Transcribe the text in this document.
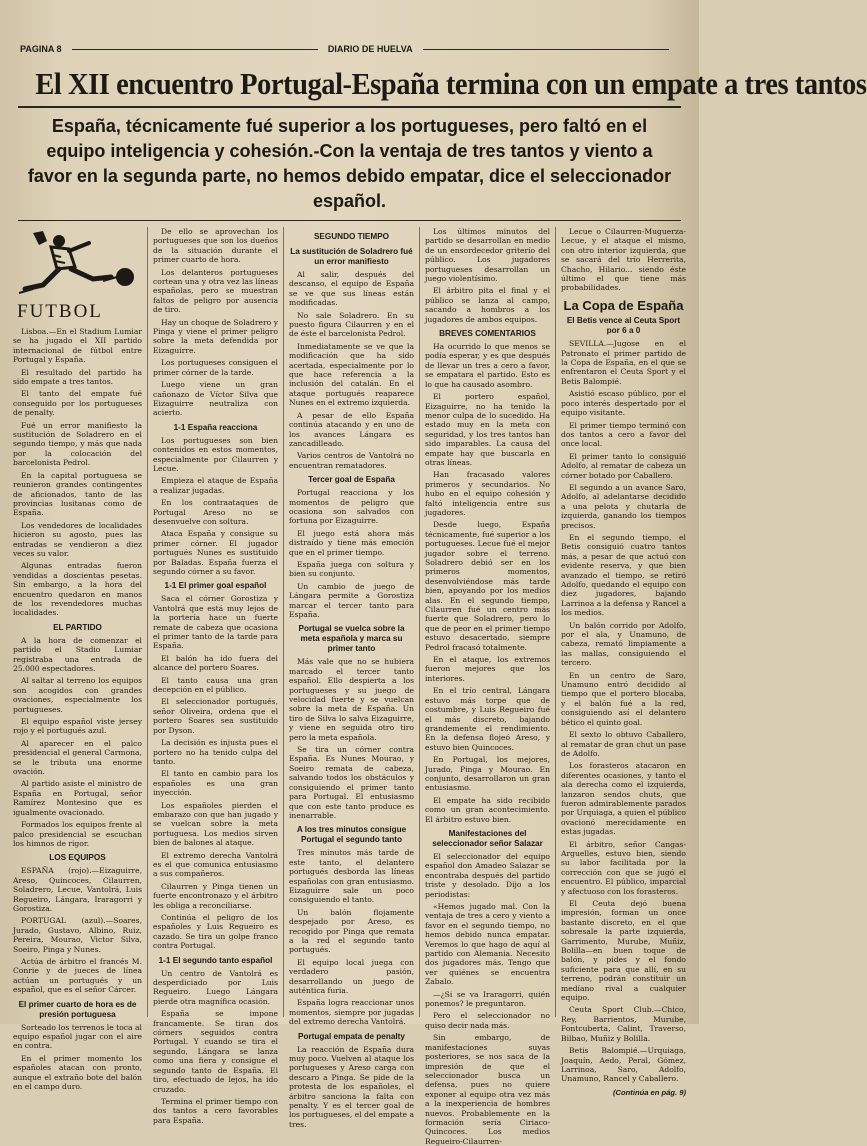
PAGINA 8	DIARIO DE HUELVA
El XII encuentro Portugal-España termina con un empate a tres tantos
España, técnicamente fué superior a los portugueses, pero faltó en el equipo inteligencia y cohesión.-Con la ventaja de tres tantos y viento a favor en la segunda parte, no hemos debido empatar, dice el seleccionador español.
FUTBOL

Lisboa.—En el Stadium Lumiar se ha jugado el XII partido internacional de fútbol entre Portugal y España.

El resultado del partido ha sido empate a tres tantos.

El tanto del empate fué conseguido por los portugueses de penalty.

Fué un error manifiesto la sustitución de Soladrero en el segundo tiempo, y más que nada por la colocación del barcelonista Pedrol.

En la capital portuguesa se reunieron grandes contingentes de aficionados, tanto de las provincias lusitanas como de España.

Los vendedores de localidades hicieron su agosto, pues las entradas se vendieron a diez veces su valor.

Algunas entradas fueron vendidas a doscientas pesetas. Sin embargo, a la hora del encuentro quedaron en manos de los revendedores muchas localidades.

EL PARTIDO

A la hora de comenzar el partido el Stadio Lumiar registraba una entrada de 25.000 espectadores.

Al saltar al terreno los equipos son acogidos con grandes ovaciones, especialmente los portugueses.

El equipo español viste jersey rojo y el portugués azul.

Al aparecer en el palco presidencial el general Carmona, se le tributa una enorme ovación.

Al partido asiste el ministro de España en Portugal, señor Ramírez Montesino que es igualmente ovacionado.

Formados los equipos frente al palco presidencial se escuchan los himnos de rigor.

LOS EQUIPOS

ESPAÑA (rojo).—Eizaguirre, Areso, Quincoces, Cilaurren, Soladrero, Lecue, Vantolrá, Luis Regueiro, Lángara, Iraragorri y Gorostiza.

PORTUGAL (azul).—Soares, Jurado, Gustavo, Albino, Ruiz, Pereira, Mourao, Victor Silva, Soeiro, Pinga y Nunes.

Actúa de árbitro el francés M. Conrie y de jueces de línea actúan un portugués y un español, que es el señor Cárcer.

El primer cuarto de hora es de presión portuguesa

Sorteado los terrenos le toca al equipo español jugar con el aire en contra.

En el primer momento los españoles atacan con pronto, aunque el extraño bote del balón en el campo duro.

De ello se aprovechan los portugueses que son los dueños de la situación durante el primer cuarto de hora.

Los delanteros portugueses cortean una y otra vez las líneas españolas, pero se muestran faltos de peligro por ausencia de tiro.

Hay un choque de Soladrero y Pinga y viene el primer peligro sobre la meta defendida por Eizaguirre.

Los portugueses consiguen el primer córner de la tarde.

Luego viene un gran cañonazo de Víctor Silva que Eizaguirre neutraliza con acierto.

1-1 España reacciona

Los portugueses son bien contenidos en estos momentos, especialmente por Cilaurren y Lecue.

Empieza el ataque de España a realizar jugadas.

En los contraataques de Portugal Areso no se desenvuelve con soltura.

Ataca España y consigue su primer córner. El jugador portugués Nunes es sustituido por Baladas. España fuerza el segundo córner a su favor.

1-1 El primer goal español

Saca el córner Gorostiza y Vantolrá que está muy lejos de la portería hace un fuerte remate de cabeza que ocasiona el primer tanto de la tarde para España.

El balón ha ido fuera del alcance del portero Soares.

El tanto causa una gran decepción en el público.

El seleccionador portugués, señor Oliveira, ordena que el portero Soares sea sustituido por Dyson.

La decisión es injusta pues el portero no ha tenido culpa del tanto.

El tanto en cambio para los españoles es una gran inyección.

Los españoles pierden el embarazo con que han jugado y se vuelcan sobre la meta portuguesa. Los medios sirven bien de balones al ataque.

El extremo derecha Vantolrá es el que comunica entusiasmo a sus compañeros.

Cilaurren y Pinga tienen un fuerte encontronazo y el árbitro les obliga a reconciliarse.

Continúa el peligro de los españoles y Luis Regueiro es cazado. Se tira un golpe franco contra Portugal.

1-1 El segundo tanto español

Un centro de Vantolrá es desperdiciado por Luis Regueiro. Luego Lángara pierde otra magnífica ocasión.

España se impone francamente. Se tiran dos córners seguidos contra Portugal. Y cuando se tira el segundo, Lángara se lanza como una fiera y consigue el segundo tanto de España. El tiro, efectuado de lejos, ha ido cruzado.

Termina el primer tiempo con dos tantos a cero favorables para España.

SEGUNDO TIEMPO
La sustitución de Soladrero fué un error manifiesto

Al salir, después del descanso, el equipo de España se ve que sus líneas están modificadas.

No sale Soladrero. En su puesto figura Cilaurren y en el de éste el barcelonista Pedrol.

Inmediatamente se ve que la modificación que ha sido acertada, especialmente por lo que hace referencia a la inclusión del catalán. En el ataque portugués reaparece Nunes en el extremo izquierda.

A pesar de ello España continúa atacando y en uno de los avances Lángara es zancadilleado.

Varios centros de Vantolrá no encuentran rematadores.

Tercer goal de España

Portugal reacciona y los momentos de peligro que ocasiona son salvados con fortuna por Eizaguirre.

El juego está ahora más distraído y tiene más emoción que en el primer tiempo.

España juega con soltura y bien su conjunto.

Un cambio de juego de Lángara permite a Gorostiza marcar el tercer tanto para España.

Portugal se vuelca sobre la meta española y marca su primer tanto

Más vale que no se hubiera marcado el tercer tanto español. Ello despierta a los portugueses y su juego de velocidad fuerte y se vuelcan sobre la meta de España. Un tiro de Silva lo salva Eizaguirre, y viene en seguida otro tiro pero la meta española.

Se tira un córner contra España. Es Nunes Mourao, y Soeiro remata de cabeza, salvando todos los obstáculos y consiguiendo el primer tanto para Portugal. El entusiasmo que con este tanto produce es inenarrable.

A los tres minutos consigue Portugal el segundo tanto

Tres minutos más tarde de este tanto, el delantero portugués desborda las líneas españolas con gran entusiasmo. Eizaguirre sale un poco consiguiendo el tanto.

Un balón flojamente despejado por Areso, es recogido por Pinga que remata a la red el segundo tanto portugués.

El equipo local juega con verdadero pasión, desarrollando un juego de auténtica furia.

España logra reaccionar unos momentos, siempre por jugadas del extremo derecha Vantolrá.

Portugal empata de penalty

La reacción de España dura muy poco. Vuelven al ataque los portugueses y Areso carga con descaro a Pinga. Se pide de la protesta de los españoles, el árbitro sanciona la falta con penalty. Y es el tercer goal de los portugueses, el del empate a tres.

Los últimos minutos del partido se desarrollan en medio de un ensordecedor griterío del público. Los jugadores portugueses desarrollan un juego violentísimo.

El árbitro pita el final y el público se lanza al campo, sacando a hombros a los jugadores de ambos equipos.

BREVES COMENTARIOS

Ha ocurrido lo que menos se podía esperar, y es que después de llevar un tres a cero a favor, se empatara el partido. Esto es lo que ha causado asombro.

El portero español, Eizaguirre, no ha tenido la menor culpa de lo sucedido. Ha estado muy en la meta con seguridad, y los tres tantos han sido imparables. La causa del empate hay que buscarla en otras líneas.

Han fracasado valores primeros y secundarios. No hubo en el equipo cohesión y faltó inteligencia entre sus jugadores.

Desde luego, España técnicamente, fué superior a los portugueses. Lecue fué el mejor jugador sobre el terreno. Soladrero debió ser en los primeros momentos, desenvolviéndose más tarde bien, apoyando por los medios alas. En el segundo tiempo, Cilaurren fué un centro más fuerte que Soladrero, pero lo que de peor en el primer tiempo estuvo desacertado, siempre Pedrol fracasó totalmente.

En el ataque, los extremos fueron mejores que los interiores.

En el trío central, Lángara estuvo más torpe que de costumbre, y Luis Regueiro fué el más discreto, bajando grandemente el rendimiento. En la defensa flojeó Areso, y estuvo bien Quincoces.

En Portugal, los mejores, Jurado, Pinga y Mourao. En conjunto, desarrollaron un gran entusiasmo.

El empate ha sido recibido como un gran acontecimiento. El árbitro estuvo bien.

Manifestaciones del seleccionador señor Salazar

El seleccionador del equipo español don Amadeo Salazar se encontraba después del partido triste y desolado. Dijo a los periodistas:

«Hemos jugado mal. Con la ventaja de tres a cero y viento a favor en el segundo tiempo, no hemos debido nunca empatar. Veremos lo que hago de aquí al partido con Alemania. Necesito dos jugadores más. Tengo que ver quiénes se encuentra Zabalo.

—¿Si se va Iraragorri, quién ponemos? le preguntaron.

Pero el seleccionador no quiso decir nada más.

Sin embargo, de manifestaciones suyas posteriores, se nos saca de la impresión de que el seleccionador busca un defensa, pues no quiere exponer al equipo otra vez más a la inexperiencia de hombres nuevos. Probablemente en la formación sería Ciriaco-Quincoces. Los medios Regueiro-Cilaurren-

Lecue o Cilaurren-Muguerza-Lecue, y el ataque el mismo, con otro interior izquierda, que se sacará del trío Herrerita, Chacho, Hilario... siendo éste último el que tiene más probabilidades.

La Copa de España
El Betis vence al Ceuta Sport por 6 a 0

SEVILLA.—Jugose en el Patronato el primer partido de la Copa de España, en el que se enfrentaron el Ceuta Sport y el Betis Balompié.

Asistió escaso público, por el poco interés despertado por el equipo visitante.

El primer tiempo terminó con dos tantos a cero a favor del once local.

El primer tanto lo consiguió Adolfo, al rematar de cabeza un córner botado por Caballero.

El segundo a un avance Saro, Adolfo, al adelantarse decidido a una pelota y chutarla de izquierda, ganando los tiempos precisos.

En el segundo tiempo, el Betis consiguió cuatro tantos más, a pesar de que actuó con evidente reserva, y que bien avanzado el tiempo, se retiró Adolfo, quedando el equipo con diez jugadores, bajando Larrinoa a la defensa y Rancel a los medios.

Un balón corrido por Adolfo, por el ala, y Unamuno, de cabeza, remató limpiamente a las mallas, consiguiendo el tercero.

En un centro de Saro, Unamuno entró decidido al tiempo que el portero blocaba, y el balón fué a la red, consiguiendo así el delantero bético el quinto goal.

El sexto lo obtuvo Caballero, al rematar de gran chut un pase de Adolfo.

Los forasteros atacaron en diferentes ocasiones, y tanto el ala derecha como el izquierda, lanzaron sendos chuts, que fueron admirablemente parados por Urquiaga, a quien el público ovacionó merecidamente en estas jugadas.

El árbitro, señor Cangas-Arguelles, estuvo bien, siendo su labor facilitada por la corrección con que se jugó el encuentro. El público, imparcial y afectuoso con los forasteros.

El Ceuta dejó buena impresión, forman un once bastante discreto, en el que sobresale la parte izquierda, Garrimento, Murube, Muñiz, Bolilla—en buen toque de balón, y pides y el fondo suficiente para que allí, en su terreno, podrán constituir un medíano rival a cualquier equipo.

Ceuta Sport Club.—Chico, Rey, Barrientos, Murube, Fontcuberta, Calint, Traverso, Bilbao, Muñiz y Bolilla.

Betis Balompié.—Urquiaga, Joaquín, Aedo, Peral, Gómez, Larrinoa, Saro, Adolfo, Unamuno, Rancel y Caballero.

(Continúa en pág. 9)
